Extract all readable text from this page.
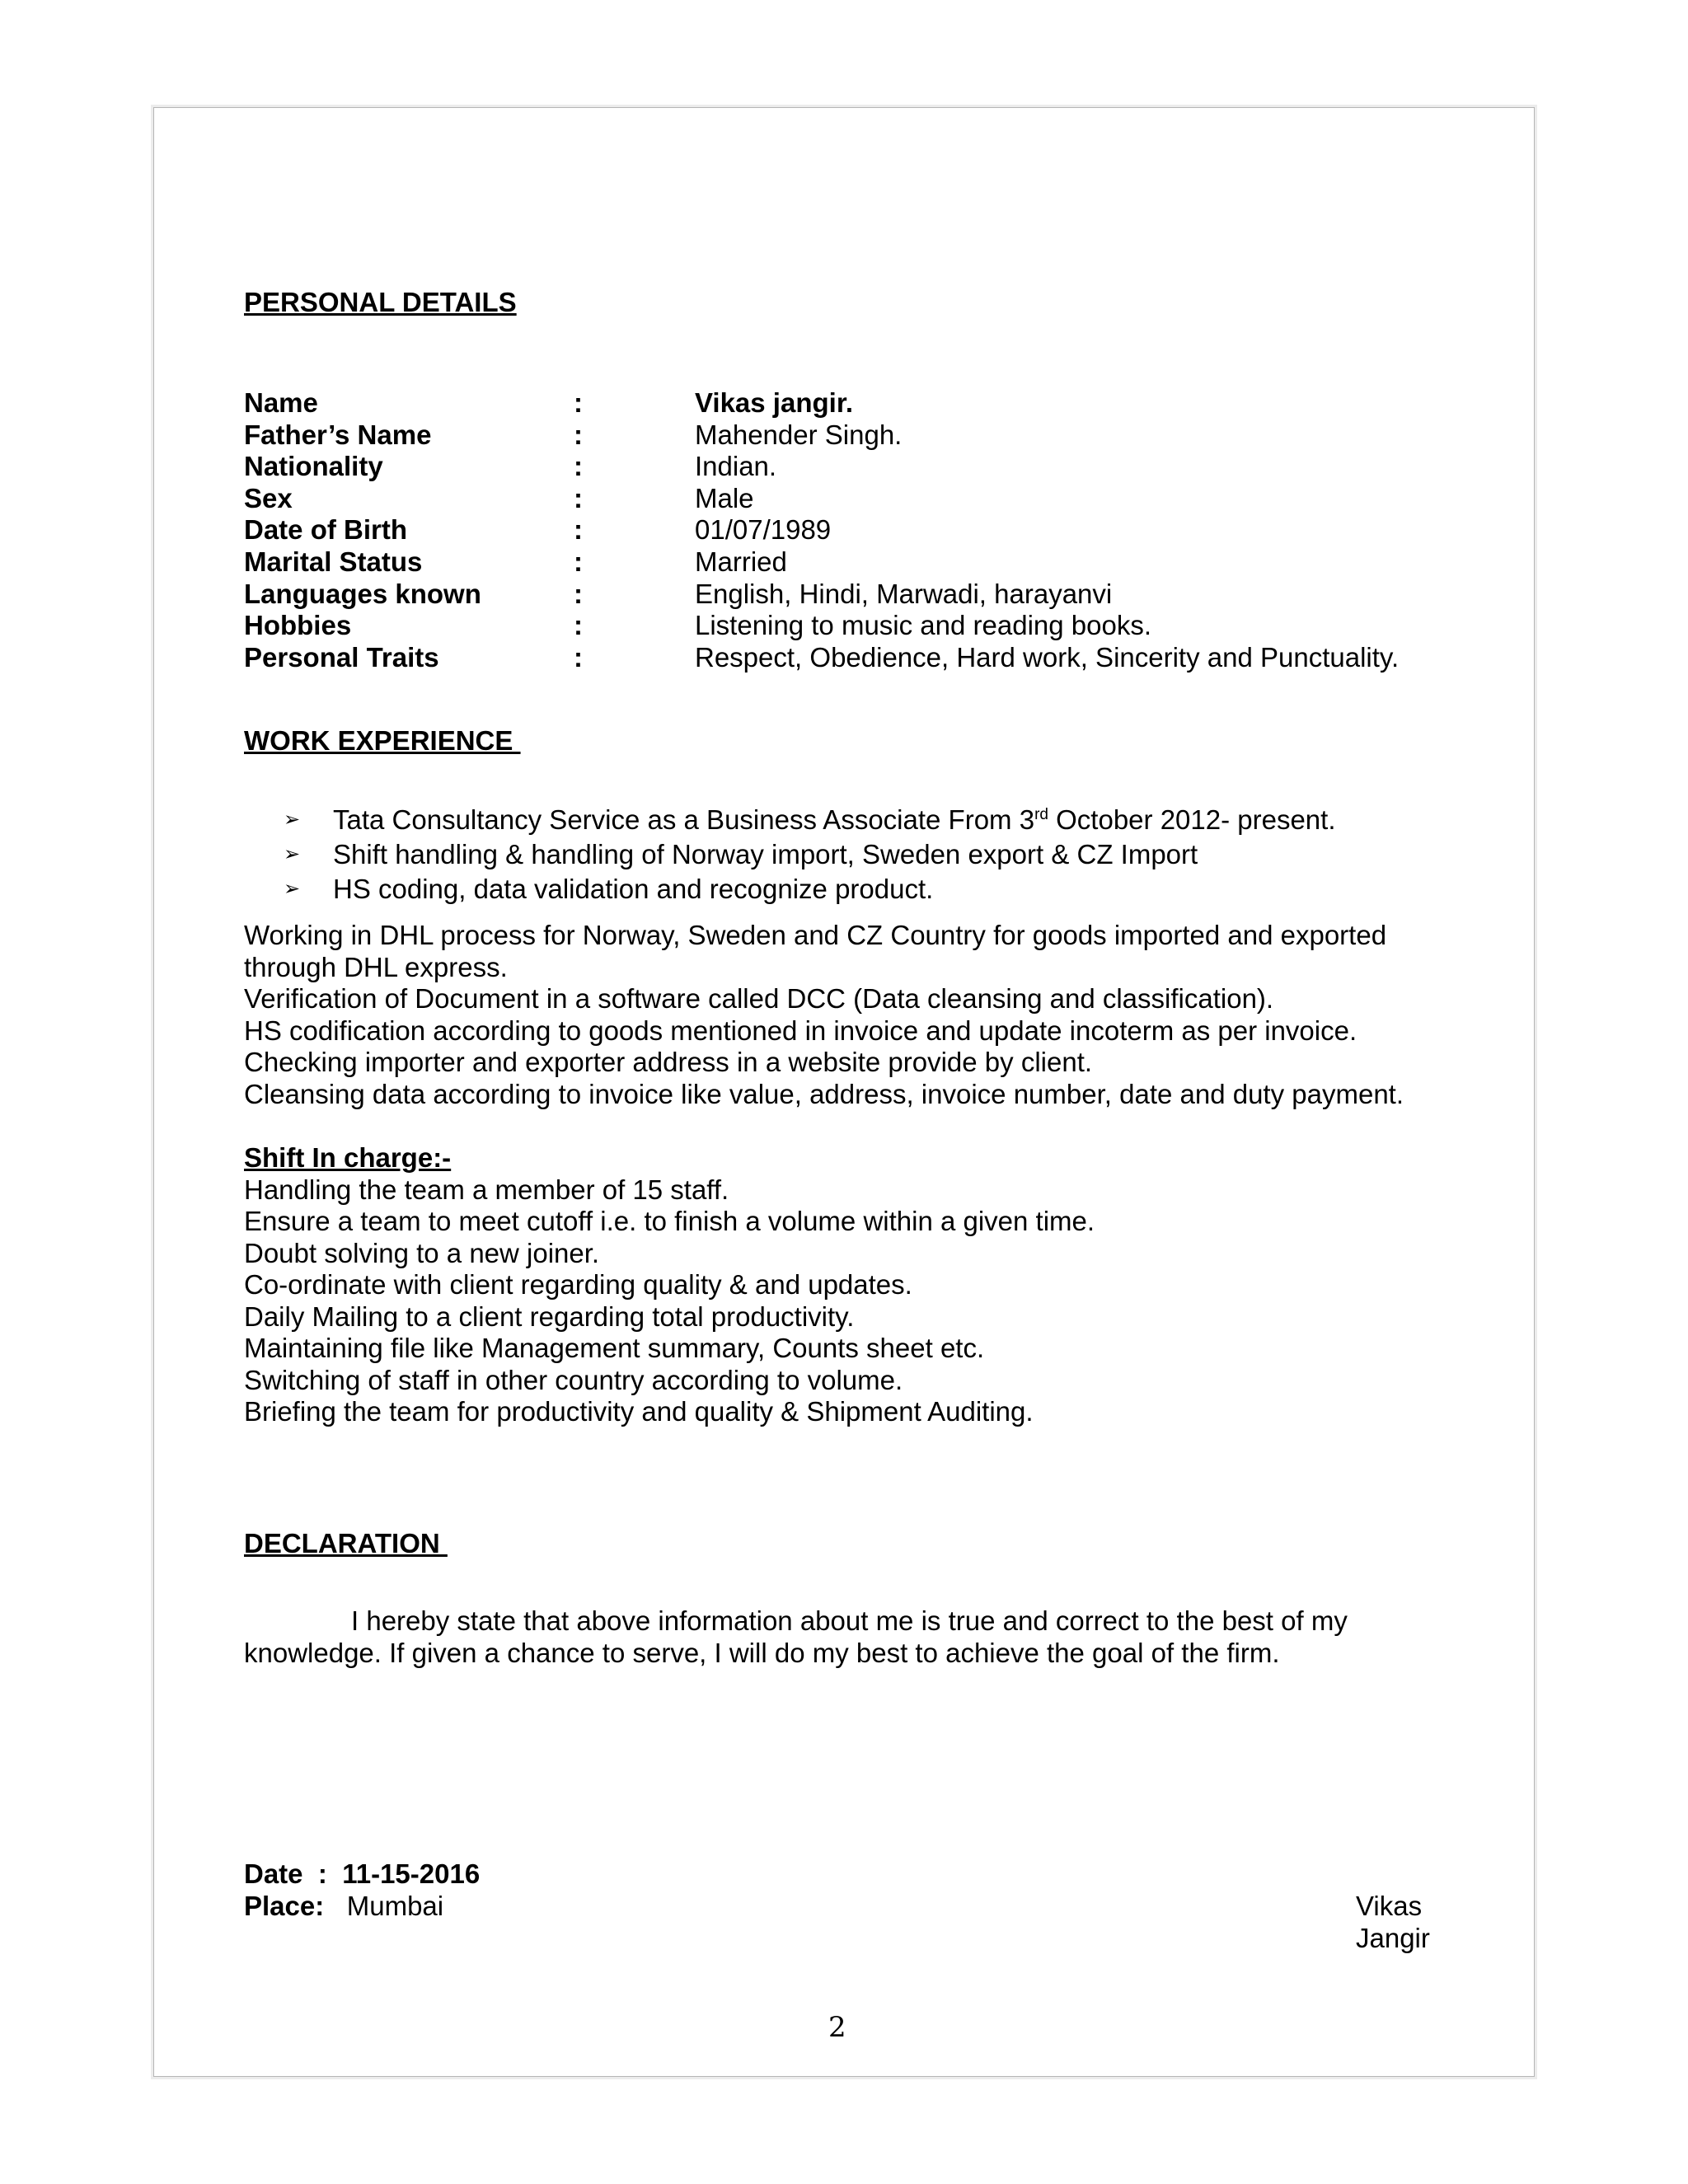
PERSONAL DETAILS
Name	:	Vikas jangir.
Father’s Name	:	Mahender Singh.
Nationality	:	Indian.
Sex	:	Male
Date of Birth	:	01/07/1989
Marital Status	:	Married
Languages known	:	English, Hindi, Marwadi, harayanvi
Hobbies	:	Listening to music and reading books.
Personal Traits	:	Respect, Obedience, Hard work, Sincerity and Punctuality.
WORK EXPERIENCE
➢	Tata Consultancy Service as a Business Associate From 3rd October 2012- present.
➢	Shift handling & handling of Norway import, Sweden export & CZ Import
➢	HS coding, data validation and recognize product.
Working in DHL process for Norway, Sweden and CZ Country for goods imported and exported
through DHL express.
Verification of Document in a software called DCC (Data cleansing and classification).
HS codification according to goods mentioned in invoice and update incoterm as per invoice.
Checking importer and exporter address in a website provide by client.
Cleansing data according to invoice like value, address, invoice number, date and duty payment.
Shift In charge:-
Handling the team a member of 15 staff.
Ensure a team to meet cutoff i.e. to finish a volume within a given time.
Doubt solving to a new joiner.
Co-ordinate with client regarding quality & and updates.
Daily Mailing to a client regarding total productivity.
Maintaining file like Management summary, Counts sheet etc.
Switching of staff in other country according to volume.
Briefing the team for productivity and quality & Shipment Auditing.
DECLARATION
I hereby state that above information about me is true and correct to the best of my
knowledge. If given a chance to serve, I will do my best to achieve the goal of the firm.
Date  :  11-15-2016
Place:   Mumbai	Vikas Jangir
2
